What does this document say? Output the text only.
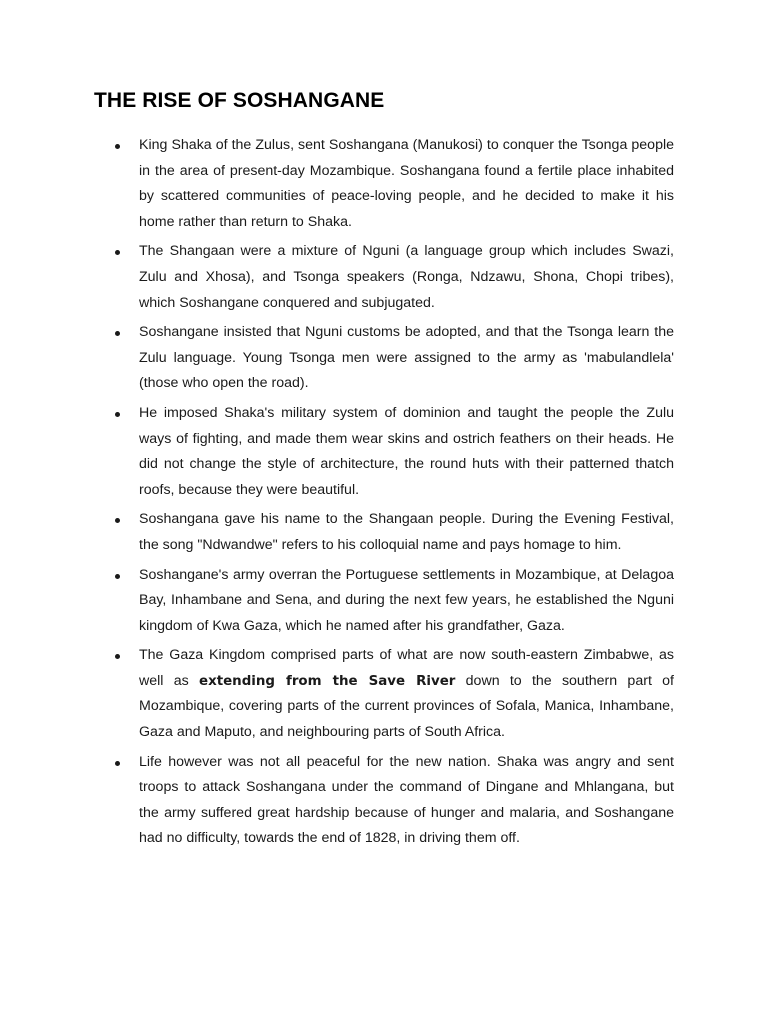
THE RISE OF SOSHANGANE
King Shaka of the Zulus, sent Soshangana (Manukosi) to conquer the Tsonga people in the area of present-day Mozambique. Soshangana found a fertile place inhabited by scattered communities of peace-loving people, and he decided to make it his home rather than return to Shaka.
The Shangaan were a mixture of Nguni (a language group which includes Swazi, Zulu and Xhosa), and Tsonga speakers (Ronga, Ndzawu, Shona, Chopi tribes), which Soshangane conquered and subjugated.
Soshangane insisted that Nguni customs be adopted, and that the Tsonga learn the Zulu language. Young Tsonga men were assigned to the army as 'mabulandlela' (those who open the road).
He imposed Shaka's military system of dominion and taught the people the Zulu ways of fighting, and made them wear skins and ostrich feathers on their heads. He did not change the style of architecture, the round huts with their patterned thatch roofs, because they were beautiful.
Soshangana gave his name to the Shangaan people. During the Evening Festival, the song "Ndwandwe" refers to his colloquial name and pays homage to him.
Soshangane's army overran the Portuguese settlements in Mozambique, at Delagoa Bay, Inhambane and Sena, and during the next few years, he established the Nguni kingdom of Kwa Gaza, which he named after his grandfather, Gaza.
The Gaza Kingdom comprised parts of what are now south-eastern Zimbabwe, as well as extending from the Save River down to the southern part of Mozambique, covering parts of the current provinces of Sofala, Manica, Inhambane, Gaza and Maputo, and neighbouring parts of South Africa.
Life however was not all peaceful for the new nation. Shaka was angry and sent troops to attack Soshangana under the command of Dingane and Mhlangana, but the army suffered great hardship because of hunger and malaria, and Soshangane had no difficulty, towards the end of 1828, in driving them off.
